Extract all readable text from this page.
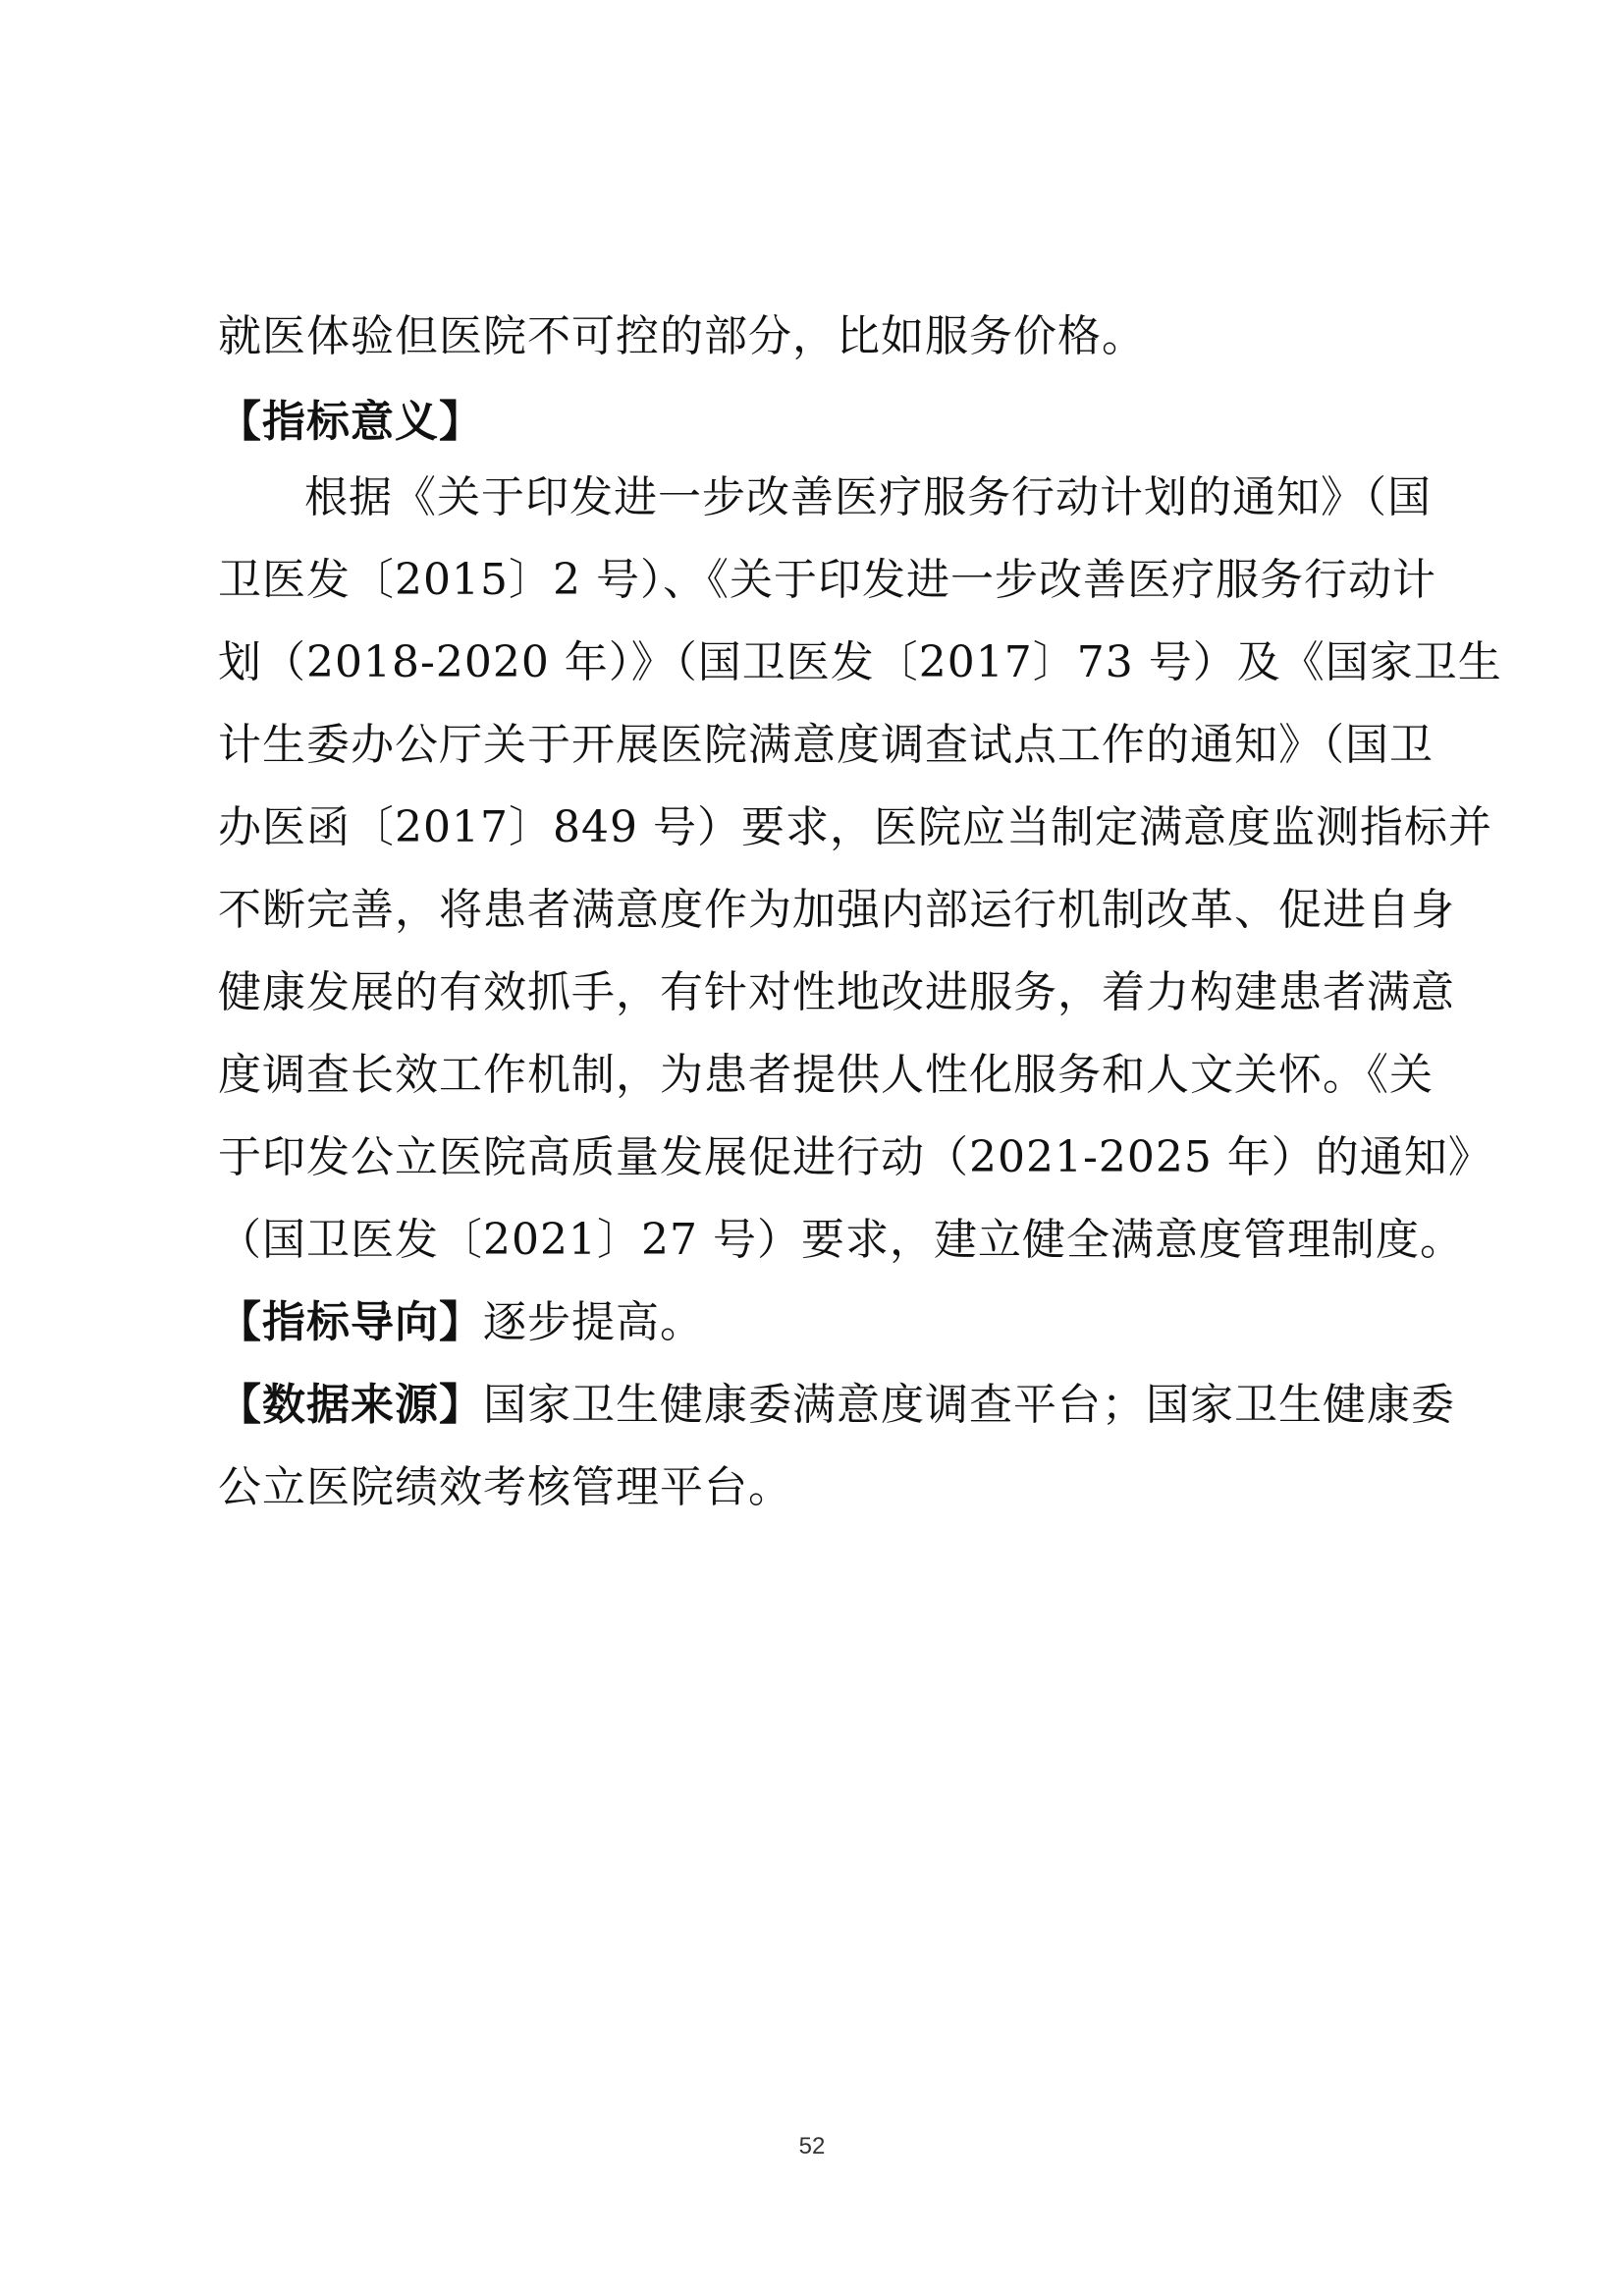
就医体验但医院不可控的部分，比如服务价格。
【指标意义】
根据《关于印发进一步改善医疗服务行动计划的通知》（国
卫医发〔2015〕2 号）、《关于印发进一步改善医疗服务行动计
划（2018-2020 年）》（国卫医发〔2017〕73 号）及《国家卫生
计生委办公厅关于开展医院满意度调查试点工作的通知》（国卫
办医函〔2017〕849 号）要求，医院应当制定满意度监测指标并
不断完善，将患者满意度作为加强内部运行机制改革、促进自身
健康发展的有效抓手，有针对性地改进服务，着力构建患者满意
度调查长效工作机制，为患者提供人性化服务和人文关怀。《关
于印发公立医院高质量发展促进行动（2021-2025 年）的通知》
（国卫医发〔2021〕27 号）要求，建立健全满意度管理制度。
【指标导向】逐步提高。
【数据来源】国家卫生健康委满意度调查平台；国家卫生健康委
公立医院绩效考核管理平台。
52
